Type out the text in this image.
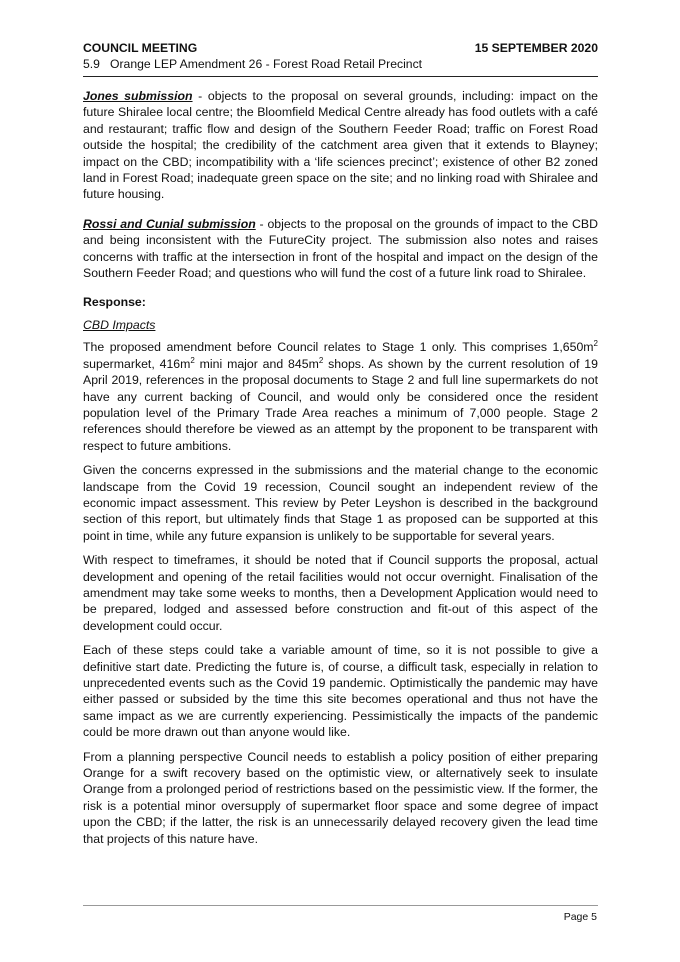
COUNCIL MEETING	15 SEPTEMBER 2020
5.9 Orange LEP Amendment 26 - Forest Road Retail Precinct

Jones submission - objects to the proposal on several grounds, including: impact on the future Shiralee local centre; the Bloomfield Medical Centre already has food outlets with a café and restaurant; traffic flow and design of the Southern Feeder Road; traffic on Forest Road outside the hospital; the credibility of the catchment area given that it extends to Blayney; impact on the CBD; incompatibility with a ‘life sciences precinct’; existence of other B2 zoned land in Forest Road; inadequate green space on the site; and no linking road with Shiralee and future housing.

Rossi and Cunial submission - objects to the proposal on the grounds of impact to the CBD and being inconsistent with the FutureCity project. The submission also notes and raises concerns with traffic at the intersection in front of the hospital and impact on the design of the Southern Feeder Road; and questions who will fund the cost of a future link road to Shiralee.

Response:
CBD Impacts

The proposed amendment before Council relates to Stage 1 only. This comprises $1,650m^2$ supermarket, $416m^2$ mini major and $845m^2$ shops. As shown by the current resolution of 19 April 2019, references in the proposal documents to Stage 2 and full line supermarkets do not have any current backing of Council, and would only be considered once the resident population level of the Primary Trade Area reaches a minimum of 7,000 people. Stage 2 references should therefore be viewed as an attempt by the proponent to be transparent with respect to future ambitions.

Given the concerns expressed in the submissions and the material change to the economic landscape from the Covid 19 recession, Council sought an independent review of the economic impact assessment. This review by Peter Leyshon is described in the background section of this report, but ultimately finds that Stage 1 as proposed can be supported at this point in time, while any future expansion is unlikely to be supportable for several years.

With respect to timeframes, it should be noted that if Council supports the proposal, actual development and opening of the retail facilities would not occur overnight. Finalisation of the amendment may take some weeks to months, then a Development Application would need to be prepared, lodged and assessed before construction and fit-out of this aspect of the development could occur.

Each of these steps could take a variable amount of time, so it is not possible to give a definitive start date. Predicting the future is, of course, a difficult task, especially in relation to unprecedented events such as the Covid 19 pandemic. Optimistically the pandemic may have either passed or subsided by the time this site becomes operational and thus not have the same impact as we are currently experiencing. Pessimistically the impacts of the pandemic could be more drawn out than anyone would like.

From a planning perspective Council needs to establish a policy position of either preparing Orange for a swift recovery based on the optimistic view, or alternatively seek to insulate Orange from a prolonged period of restrictions based on the pessimistic view. If the former, the risk is a potential minor oversupply of supermarket floor space and some degree of impact upon the CBD; if the latter, the risk is an unnecessarily delayed recovery given the lead time that projects of this nature have.

Page 5
